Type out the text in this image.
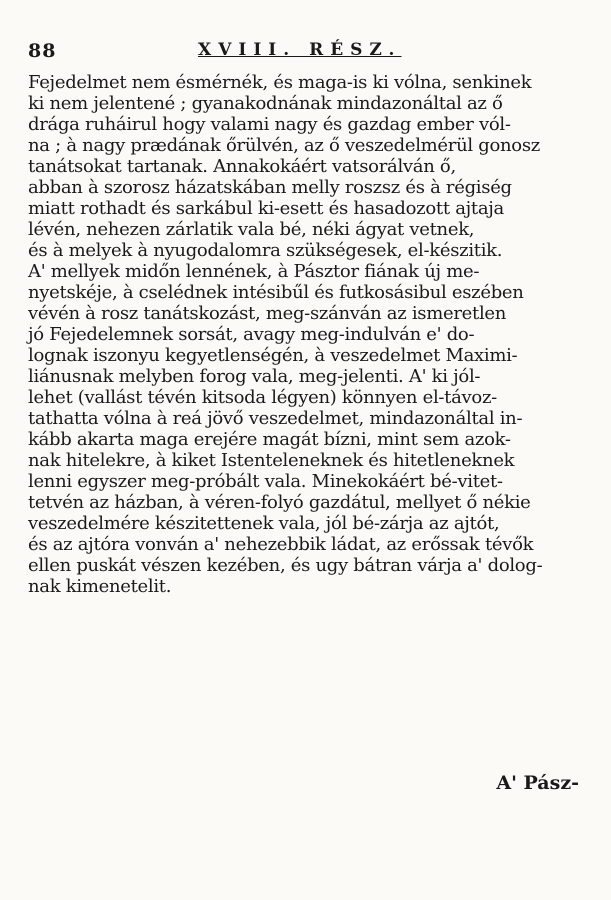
88	XVIII. RÉSZ.
Fejedelmet nem ésmérnék, és maga-is ki vólna, senkinek
ki nem jelentené ; gyanakodnának mindazonáltal az ő
drága ruháirul hogy valami nagy és gazdag ember vól-
na ; à nagy prædának őrülvén, az ő veszedelmérül gonosz
tanátsokat tartanak. Annakokáért vatsorálván ő,
abban à szorosz házatskában melly roszsz és à régiség
miatt rothadt és sarkábul ki-esett és hasadozott ajtaja
lévén, nehezen zárlatik vala bé, néki ágyat vetnek,
és à melyek à nyugodalomra szükségesek, el-készitik.
A' mellyek midőn lennének, à Pásztor fiának új me-
nyetskéje, à cselédnek intésibűl és futkosásibul eszében
vévén à rosz tanátskozást, meg-szánván az ismeretlen
jó Fejedelemnek sorsát, avagy meg-indulván e' do-
lognak iszonyu kegyetlenségén, à veszedelmet Maximi-
liánusnak melyben forog vala, meg-jelenti. A' ki jól-
lehet (vallást tévén kitsoda légyen) könnyen el-távoz-
tathatta vólna à reá jövő veszedelmet, mindazonáltal in-
kább akarta maga erejére magát bízni, mint sem azok-
nak hitelekre, à kiket Istenteleneknek és hitetleneknek
lenni egyszer meg-próbált vala. Minekokáért bé-vitet-
tetvén az házban, à véren-folyó gazdátul, mellyet ő nékie
veszedelmére készitettenek vala, jól bé-zárja az ajtót,
és az ajtóra vonván a' nehezebbik ládat, az erőssak tévők
ellen puskát vészen kezében, és ugy bátran várja a' dolog-
nak kimenetelit.
A' Pász-
